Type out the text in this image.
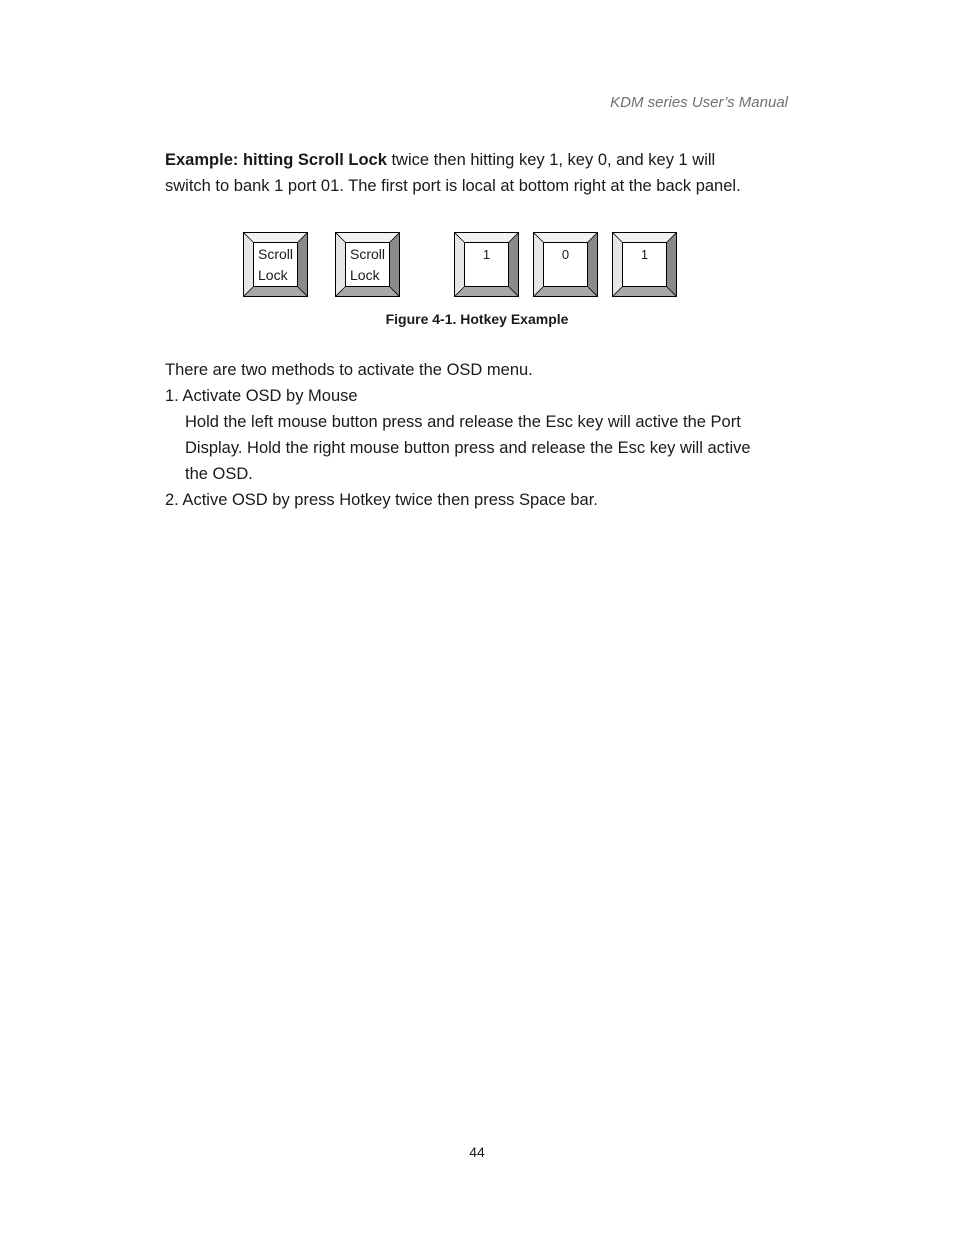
KDM series User’s Manual
Example: hitting Scroll Lock twice then hitting key 1, key 0, and key 1 will
switch to bank 1 port 01. The first port is local at bottom right at the back panel.
Scroll
Lock
Scroll
Lock
1	0	1
Figure 4-1. Hotkey Example
There are two methods to activate the OSD menu.
1. Activate OSD by Mouse
Hold the left mouse button press and release the Esc key will active the Port
Display. Hold the right mouse button press and release the Esc key will active
the OSD.
2. Active OSD by press Hotkey twice then press Space bar.
44
